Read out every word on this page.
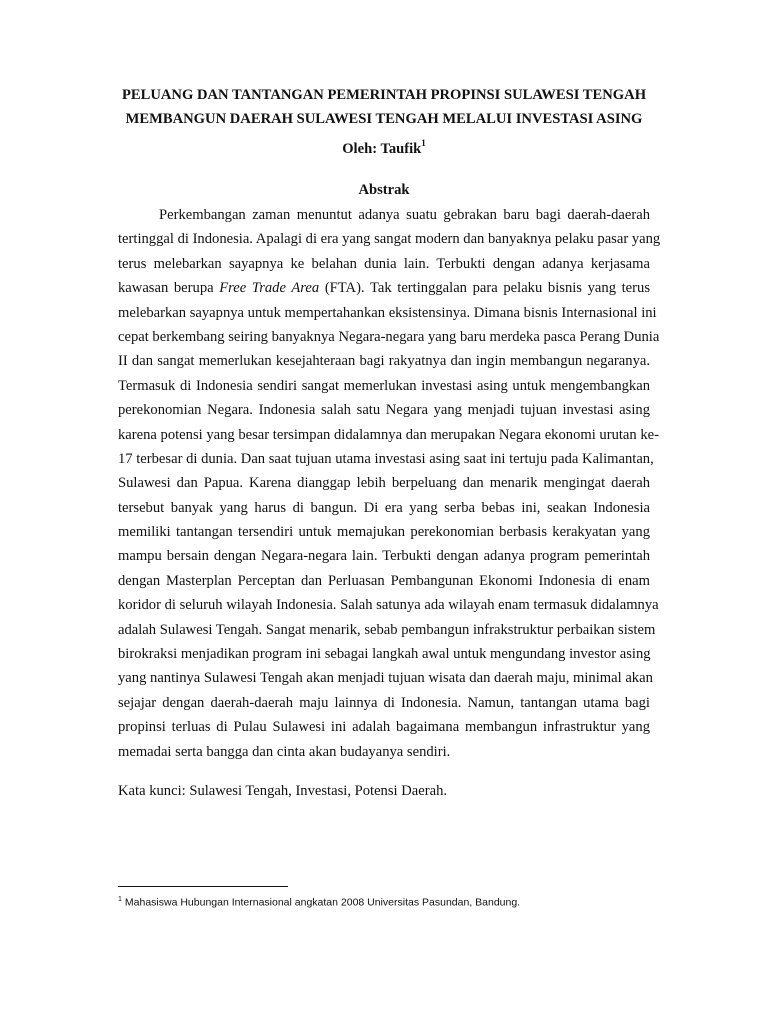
PELUANG DAN TANTANGAN PEMERINTAH PROPINSI SULAWESI TENGAH
MEMBANGUN DAERAH SULAWESI TENGAH MELALUI INVESTASI ASING
Oleh: Taufik$^1$
Abstrak
Perkembangan zaman menuntut adanya suatu gebrakan baru bagi daerah-daerah
tertinggal di Indonesia. Apalagi di era yang sangat modern dan banyaknya pelaku pasar yang
terus melebarkan sayapnya ke belahan dunia lain. Terbukti dengan adanya kerjasama
kawasan berupa Free Trade Area (FTA). Tak tertinggalan para pelaku bisnis yang terus
melebarkan sayapnya untuk mempertahankan eksistensinya. Dimana bisnis Internasional ini
cepat berkembang seiring banyaknya Negara-negara yang baru merdeka pasca Perang Dunia
II dan sangat memerlukan kesejahteraan bagi rakyatnya dan ingin membangun negaranya.
Termasuk di Indonesia sendiri sangat memerlukan investasi asing untuk mengembangkan
perekonomian Negara. Indonesia salah satu Negara yang menjadi tujuan investasi asing
karena potensi yang besar tersimpan didalamnya dan merupakan Negara ekonomi urutan ke-
17 terbesar di dunia. Dan saat tujuan utama investasi asing saat ini tertuju pada Kalimantan,
Sulawesi dan Papua. Karena dianggap lebih berpeluang dan menarik mengingat daerah
tersebut banyak yang harus di bangun. Di era yang serba bebas ini, seakan Indonesia
memiliki tantangan tersendiri untuk memajukan perekonomian berbasis kerakyatan yang
mampu bersain dengan Negara-negara lain. Terbukti dengan adanya program pemerintah
dengan Masterplan Perceptan dan Perluasan Pembangunan Ekonomi Indonesia di enam
koridor di seluruh wilayah Indonesia. Salah satunya ada wilayah enam termasuk didalamnya
adalah Sulawesi Tengah. Sangat menarik, sebab pembangun infrakstruktur perbaikan sistem
birokraksi menjadikan program ini sebagai langkah awal untuk mengundang investor asing
yang nantinya Sulawesi Tengah akan menjadi tujuan wisata dan daerah maju, minimal akan
sejajar dengan daerah-daerah maju lainnya di Indonesia. Namun, tantangan utama bagi
propinsi terluas di Pulau Sulawesi ini adalah bagaimana membangun infrastruktur yang
memadai serta bangga dan cinta akan budayanya sendiri.
Kata kunci: Sulawesi Tengah, Investasi, Potensi Daerah.
$^1$ Mahasiswa Hubungan Internasional angkatan 2008 Universitas Pasundan, Bandung.
